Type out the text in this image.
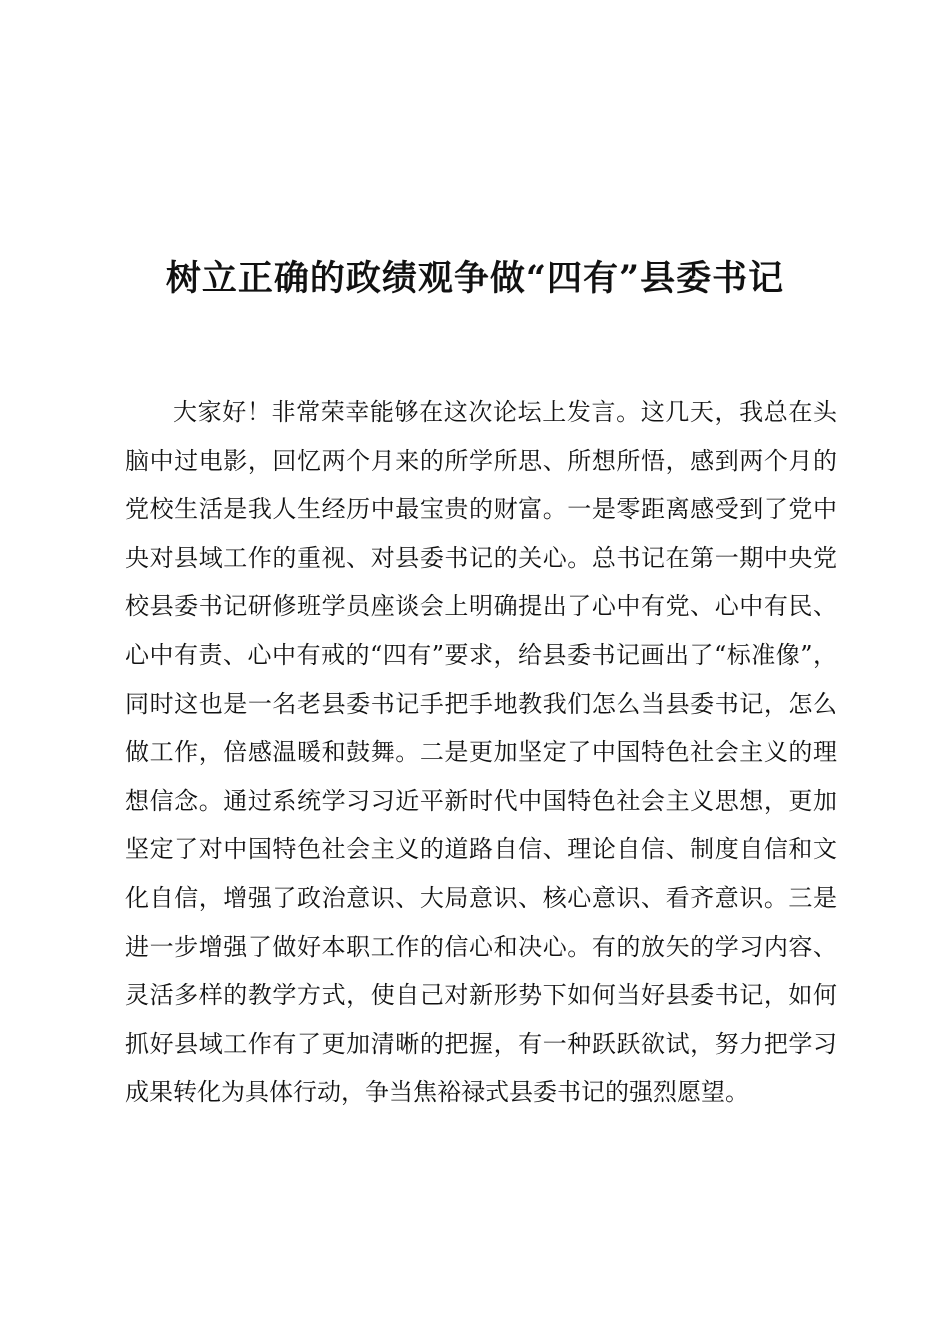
树立正确的政绩观争做“四有”县委书记

大家好！非常荣幸能够在这次论坛上发言。这几天，我总在头脑中过电影，回忆两个月来的所学所思、所想所悟，感到两个月的党校生活是我人生经历中最宝贵的财富。一是零距离感受到了党中央对县域工作的重视、对县委书记的关心。总书记在第一期中央党校县委书记研修班学员座谈会上明确提出了心中有党、心中有民、心中有责、心中有戒的“四有”要求，给县委书记画出了“标准像”，同时这也是一名老县委书记手把手地教我们怎么当县委书记，怎么做工作，倍感温暖和鼓舞。二是更加坚定了中国特色社会主义的理想信念。通过系统学习习近平新时代中国特色社会主义思想，更加坚定了对中国特色社会主义的道路自信、理论自信、制度自信和文化自信，增强了政治意识、大局意识、核心意识、看齐意识。三是进一步增强了做好本职工作的信心和决心。有的放矢的学习内容、灵活多样的教学方式，使自己对新形势下如何当好县委书记，如何抓好县域工作有了更加清晰的把握，有一种跃跃欲试，努力把学习成果转化为具体行动，争当焦裕禄式县委书记的强烈愿望。
